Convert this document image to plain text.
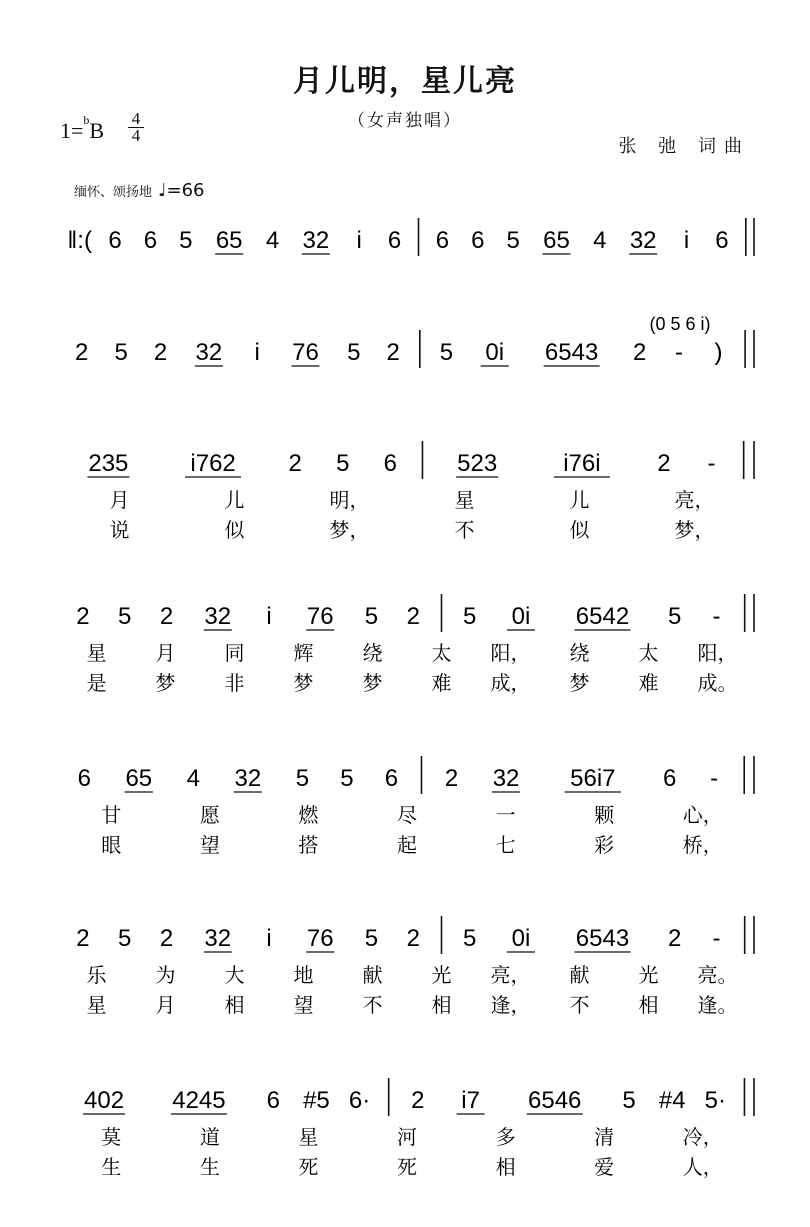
月儿明，星儿亮
（女声独唱）
张 弛 词曲
1=$^b$B 4
4
缅怀、颂扬地 ♩=66
‖:( 6 6 5 65 4 32 i 6 6 6 5 65 4 32 i 6
2 5 2 32 i 76 5 2 5 0i 6543 2 - )
235	i762 2 5 6	523	i76i 2 -
月	儿	明，	星	儿	亮，
说	似	梦，	不	似	梦，
2 5 2 32 i 76 5 2 5 0i 6542 5 -
星 月 同 辉 绕 太 阳， 绕 太 阳，
是 梦 非 梦 梦 难 成， 梦 难 成。
6 65 4 32 5 5 6 2 32 56i7 6 -
甘	愿	燃	尽	一	颗	心，
眼	望	搭	起	七	彩	桥，
2 5 2 32 i 76 5 2 5 0i 6543 2 -
乐 为 大 地 献 光 亮， 献 光 亮。
星 月 相 望 不 相 逢， 不 相 逢。
402 4245 6 #5 6· 2 i7 6546 5 #4 5·
莫	道	星	河	多	清	冷，
生	生	死	死	相	爱	人，
(0 5 6 i)
